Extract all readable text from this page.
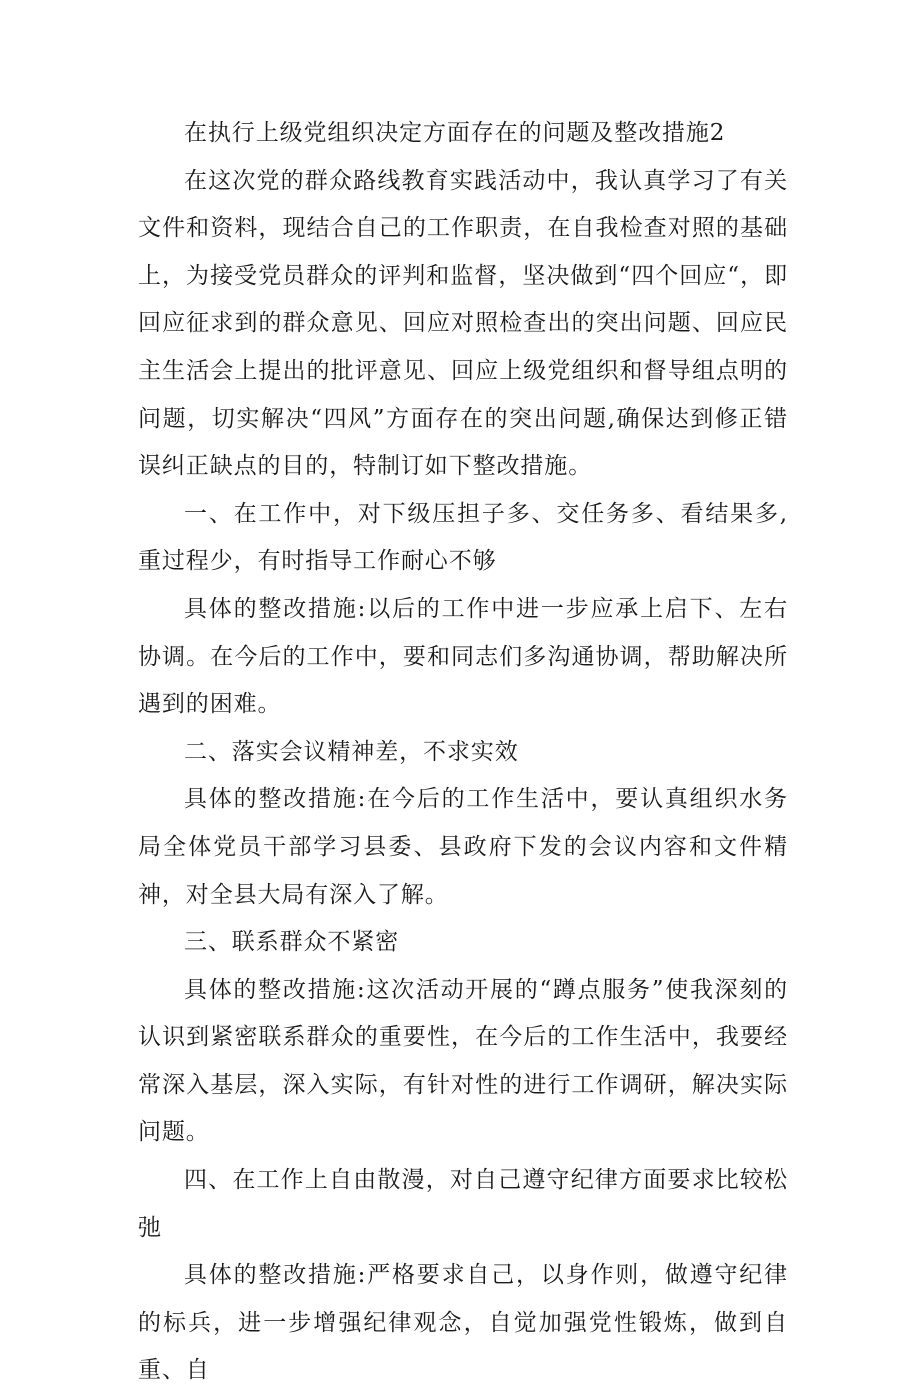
在执行上级党组织决定方面存在的问题及整改措施2

在这次党的群众路线教育实践活动中，我认真学习了有关文件和资料，现结合自己的工作职责，在自我检查对照的基础上，为接受党员群众的评判和监督，坚决做到“四个回应“，即回应征求到的群众意见、回应对照检查出的突出问题、回应民主生活会上提出的批评意见、回应上级党组织和督导组点明的问题，切实解决“四风”方面存在的突出问题,确保达到修正错误纠正缺点的目的，特制订如下整改措施。

一、在工作中，对下级压担子多、交任务多、看结果多,重过程少，有时指导工作耐心不够

具体的整改措施:以后的工作中进一步应承上启下、左右协调。在今后的工作中，要和同志们多沟通协调，帮助解决所遇到的困难。

二、落实会议精神差，不求实效

具体的整改措施:在今后的工作生活中，要认真组织水务局全体党员干部学习县委、县政府下发的会议内容和文件精神，对全县大局有深入了解。

三、联系群众不紧密

具体的整改措施:这次活动开展的“蹲点服务”使我深刻的认识到紧密联系群众的重要性，在今后的工作生活中，我要经常深入基层，深入实际，有针对性的进行工作调研，解决实际问题。

四、在工作上自由散漫，对自己遵守纪律方面要求比较松弛

具体的整改措施:严格要求自己，以身作则，做遵守纪律的标兵，进一步增强纪律观念，自觉加强党性锻炼，做到自重、自
